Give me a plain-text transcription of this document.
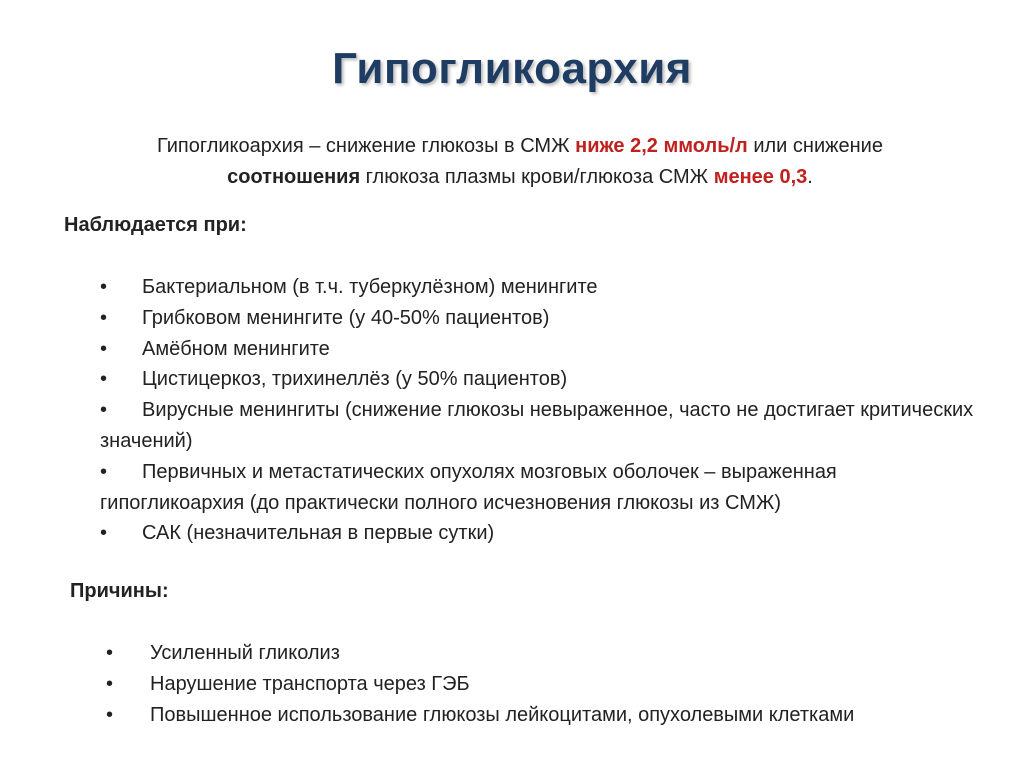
Гипогликоархия
Гипогликоархия – снижение глюкозы в СМЖ ниже 2,2 ммоль/л или снижение
соотношения глюкоза плазмы крови/глюкоза СМЖ менее 0,3.
Наблюдается при:
•	Бактериальном (в т.ч. туберкулёзном) менингите
•	Грибковом менингите (у 40-50% пациентов)
•	Амёбном менингите
•	Цистицеркоз, трихинеллёз (у 50% пациентов)
•	Вирусные менингиты (снижение глюкозы невыраженное, часто не достигает критических значений)
•	Первичных и метастатических опухолях мозговых оболочек – выраженная гипогликоархия (до практически полного исчезновения глюкозы из СМЖ)
•	САК (незначительная в первые сутки)
Причины:
•	Усиленный гликолиз
•	Нарушение транспорта через ГЭБ
•	Повышенное использование глюкозы лейкоцитами, опухолевыми клетками
